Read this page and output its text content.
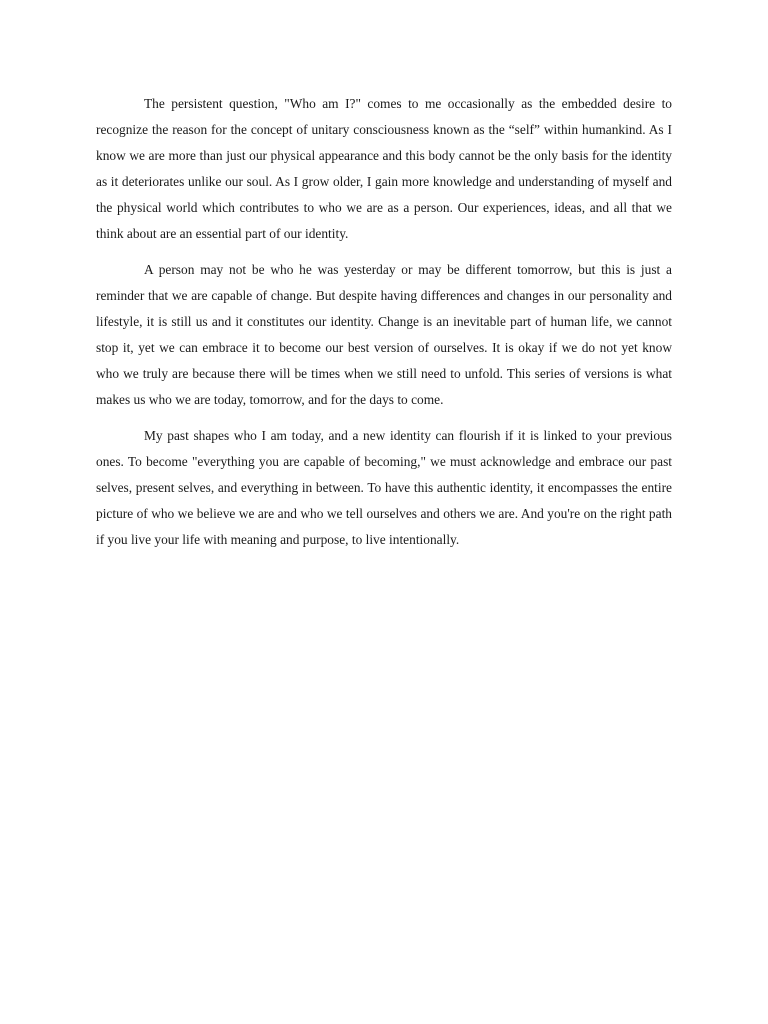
The persistent question, "Who am I?" comes to me occasionally as the embedded desire to recognize the reason for the concept of unitary consciousness known as the “self” within humankind. As I know we are more than just our physical appearance and this body cannot be the only basis for the identity as it deteriorates unlike our soul. As I grow older, I gain more knowledge and understanding of myself and the physical world which contributes to who we are as a person. Our experiences, ideas, and all that we think about are an essential part of our identity.

A person may not be who he was yesterday or may be different tomorrow, but this is just a reminder that we are capable of change. But despite having differences and changes in our personality and lifestyle, it is still us and it constitutes our identity. Change is an inevitable part of human life, we cannot stop it, yet we can embrace it to become our best version of ourselves. It is okay if we do not yet know who we truly are because there will be times when we still need to unfold. This series of versions is what makes us who we are today, tomorrow, and for the days to come.

My past shapes who I am today, and a new identity can flourish if it is linked to your previous ones. To become "everything you are capable of becoming," we must acknowledge and embrace our past selves, present selves, and everything in between. To have this authentic identity, it encompasses the entire picture of who we believe we are and who we tell ourselves and others we are. And you're on the right path if you live your life with meaning and purpose, to live intentionally.
